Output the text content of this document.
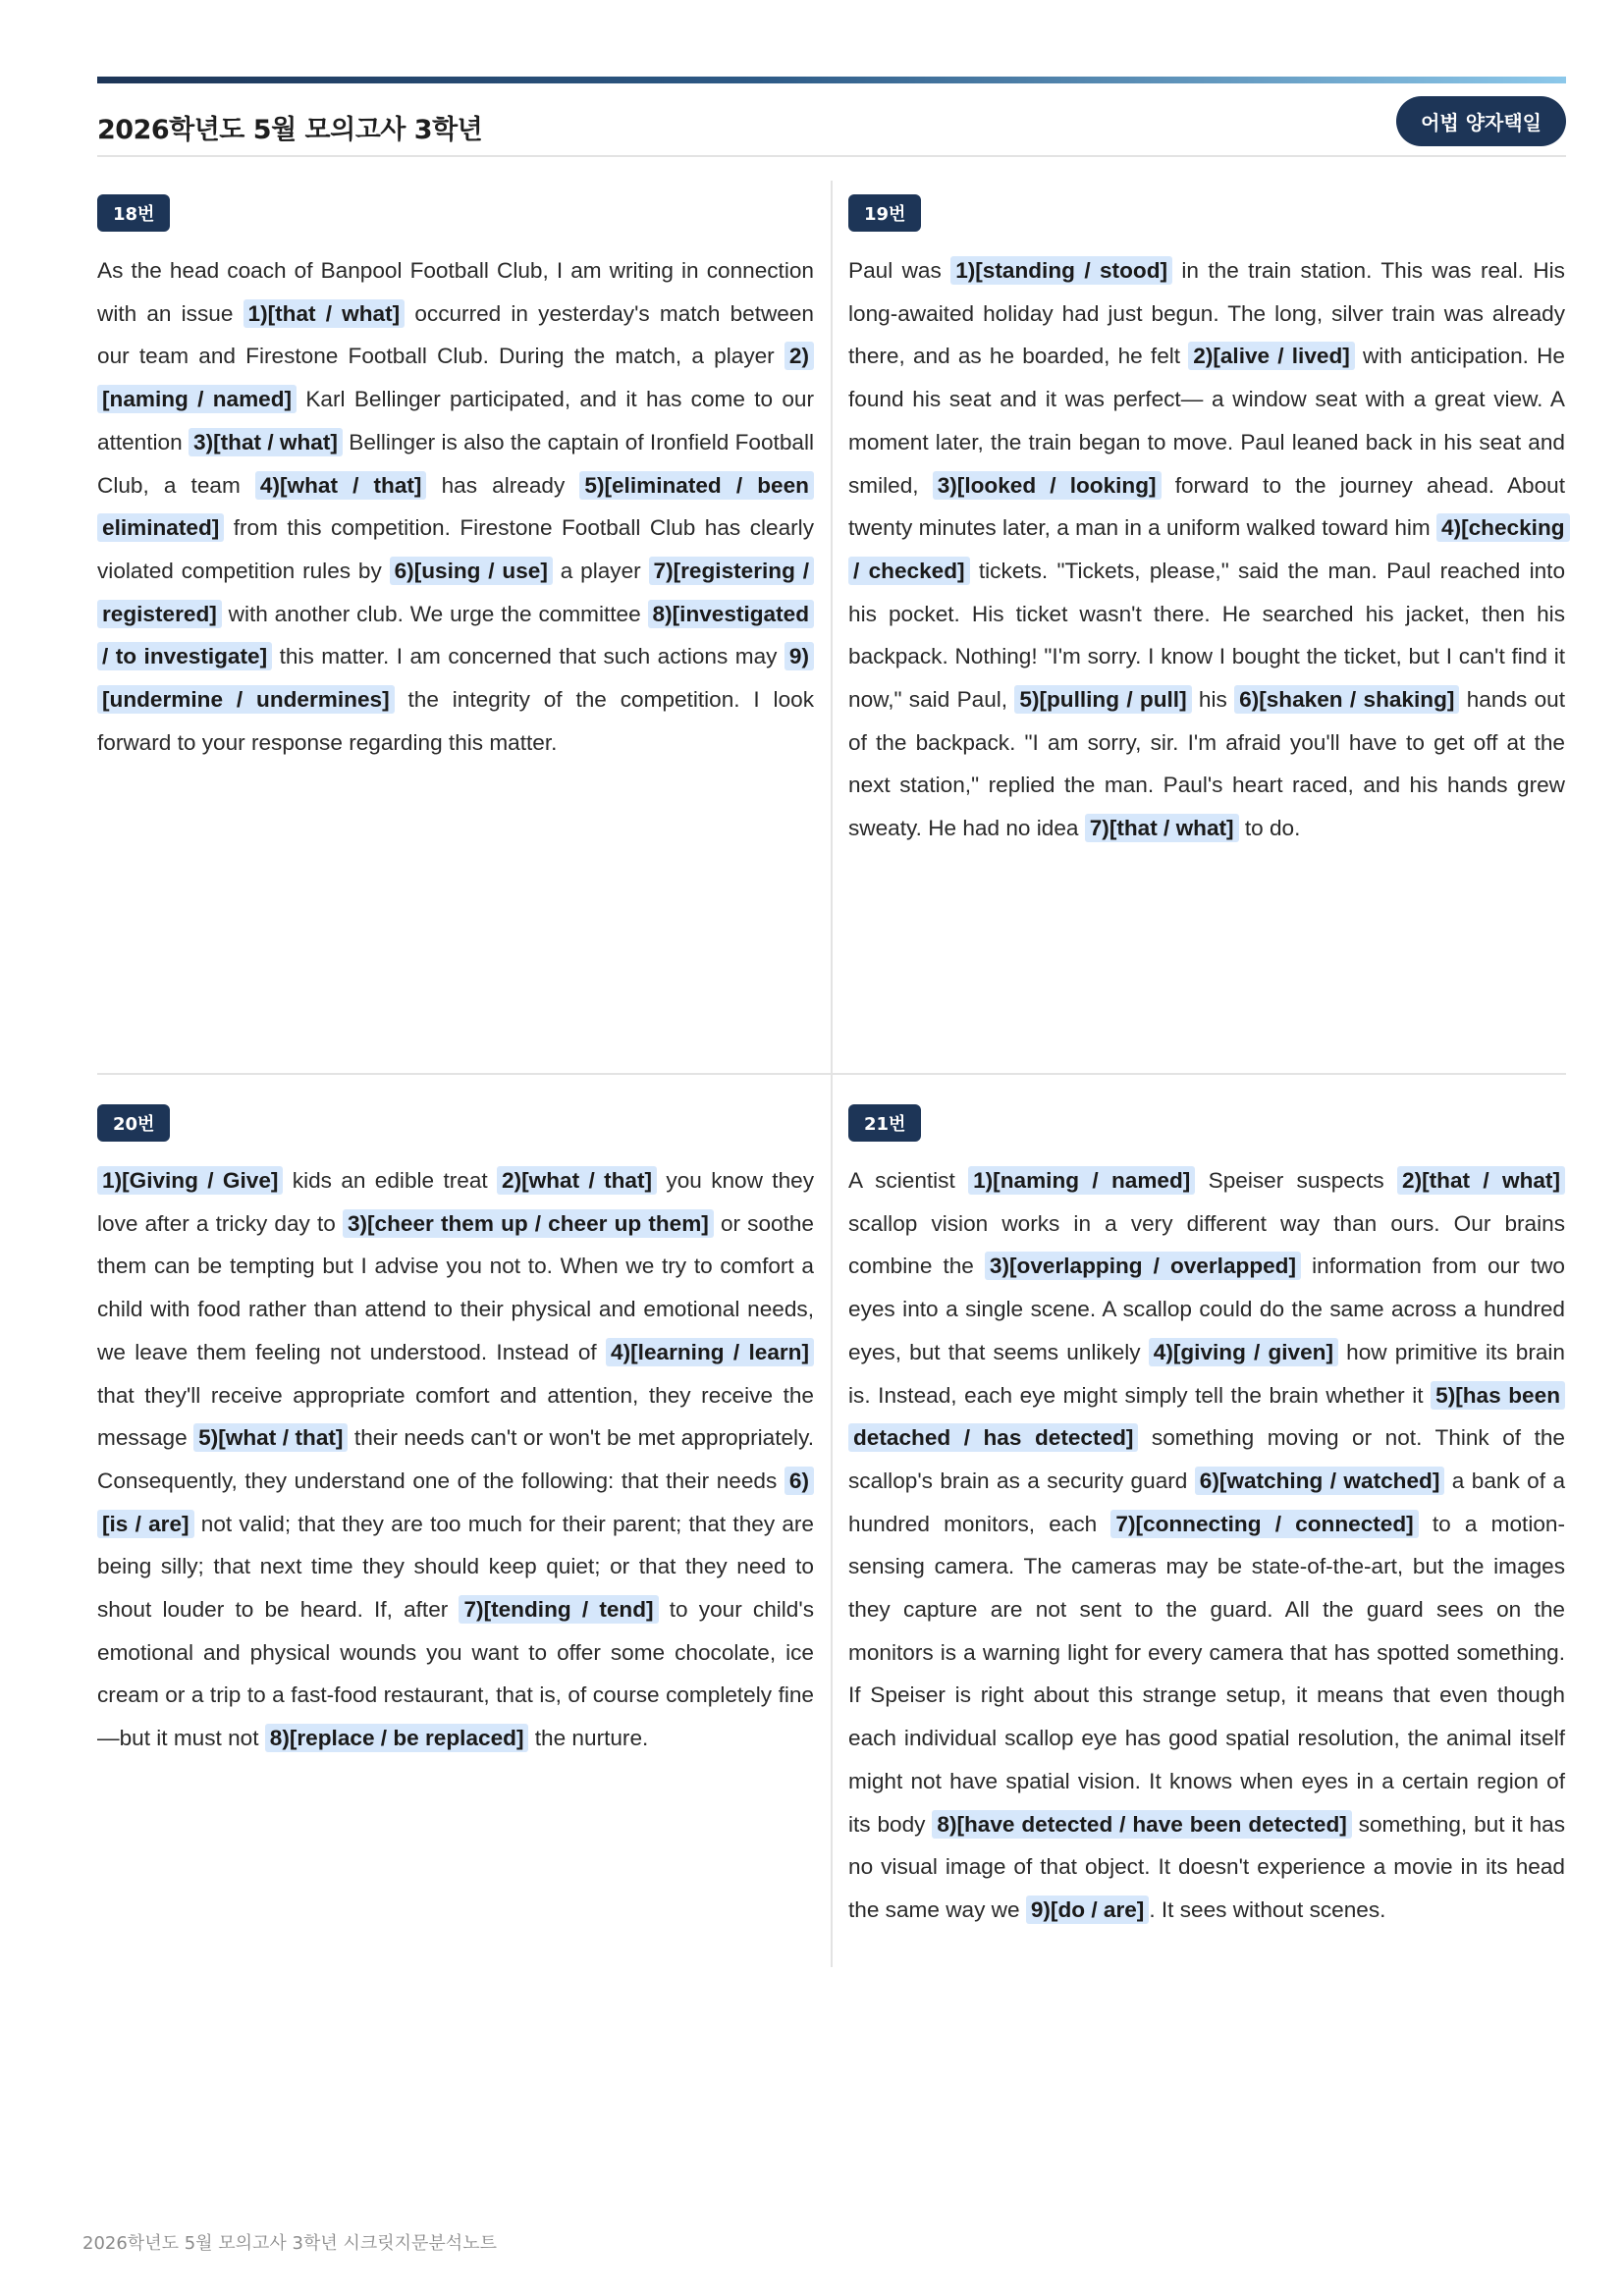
2026학년도 5월 모의고사 3학년	어법 양자택일
18번

As the head coach of Banpool Football Club, I am writing in connection with an issue 1)[that / what] occurred in yesterday's match between our team and Firestone Football Club. During the match, a player 2)[naming / named] Karl Bellinger participated, and it has come to our attention 3)[that / what] Bellinger is also the captain of Ironfield Football Club, a team 4)[what / that] has already 5)[eliminated / been eliminated] from this competition. Firestone Football Club has clearly violated competition rules by 6)[using / use] a player 7)[registering / registered] with another club. We urge the committee 8)[investigated / to investigate] this matter. I am concerned that such actions may 9)[undermine / undermines] the integrity of the competition. I look forward to your response regarding this matter.

19번

Paul was 1)[standing / stood] in the train station. This was real. His long-awaited holiday had just begun. The long, silver train was already there, and as he boarded, he felt 2)[alive / lived] with anticipation. He found his seat and it was perfect— a window seat with a great view. A moment later, the train began to move. Paul leaned back in his seat and smiled, 3)[looked / looking] forward to the journey ahead. About twenty minutes later, a man in a uniform walked toward him 4)[checking / checked] tickets. "Tickets, please," said the man. Paul reached into his pocket. His ticket wasn't there. He searched his jacket, then his backpack. Nothing! "I'm sorry. I know I bought the ticket, but I can't find it now," said Paul, 5)[pulling / pull] his 6)[shaken / shaking] hands out of the backpack. "I am sorry, sir. I'm afraid you'll have to get off at the next station," replied the man. Paul's heart raced, and his hands grew sweaty. He had no idea 7)[that / what] to do.

20번

1)[Giving / Give] kids an edible treat 2)[what / that] you know they love after a tricky day to 3)[cheer them up / cheer up them] or soothe them can be tempting but I advise you not to. When we try to comfort a child with food rather than attend to their physical and emotional needs, we leave them feeling not understood. Instead of 4)[learning / learn] that they'll receive appropriate comfort and attention, they receive the message 5)[what / that] their needs can't or won't be met appropriately. Consequently, they understand one of the following: that their needs 6)[is / are] not valid; that they are too much for their parent; that they are being silly; that next time they should keep quiet; or that they need to shout louder to be heard. If, after 7)[tending / tend] to your child's emotional and physical wounds you want to offer some chocolate, ice cream or a trip to a fast-food restaurant, that is, of course completely fine—but it must not 8)[replace / be replaced] the nurture.

21번

A scientist 1)[naming / named] Speiser suspects 2)[that / what] scallop vision works in a very different way than ours. Our brains combine the 3)[overlapping / overlapped] information from our two eyes into a single scene. A scallop could do the same across a hundred eyes, but that seems unlikely 4)[giving / given] how primitive its brain is. Instead, each eye might simply tell the brain whether it 5)[has been detached / has detected] something moving or not. Think of the scallop's brain as a security guard 6)[watching / watched] a bank of a hundred monitors, each 7)[connecting / connected] to a motion-sensing camera. The cameras may be state-of-the-art, but the images they capture are not sent to the guard. All the guard sees on the monitors is a warning light for every camera that has spotted something. If Speiser is right about this strange setup, it means that even though each individual scallop eye has good spatial resolution, the animal itself might not have spatial vision. It knows when eyes in a certain region of its body 8)[have detected / have been detected] something, but it has no visual image of that object. It doesn't experience a movie in its head the same way we 9)[do / are] . It sees without scenes.

2026학년도 5월 모의고사 3학년 시크릿지문분석노트
